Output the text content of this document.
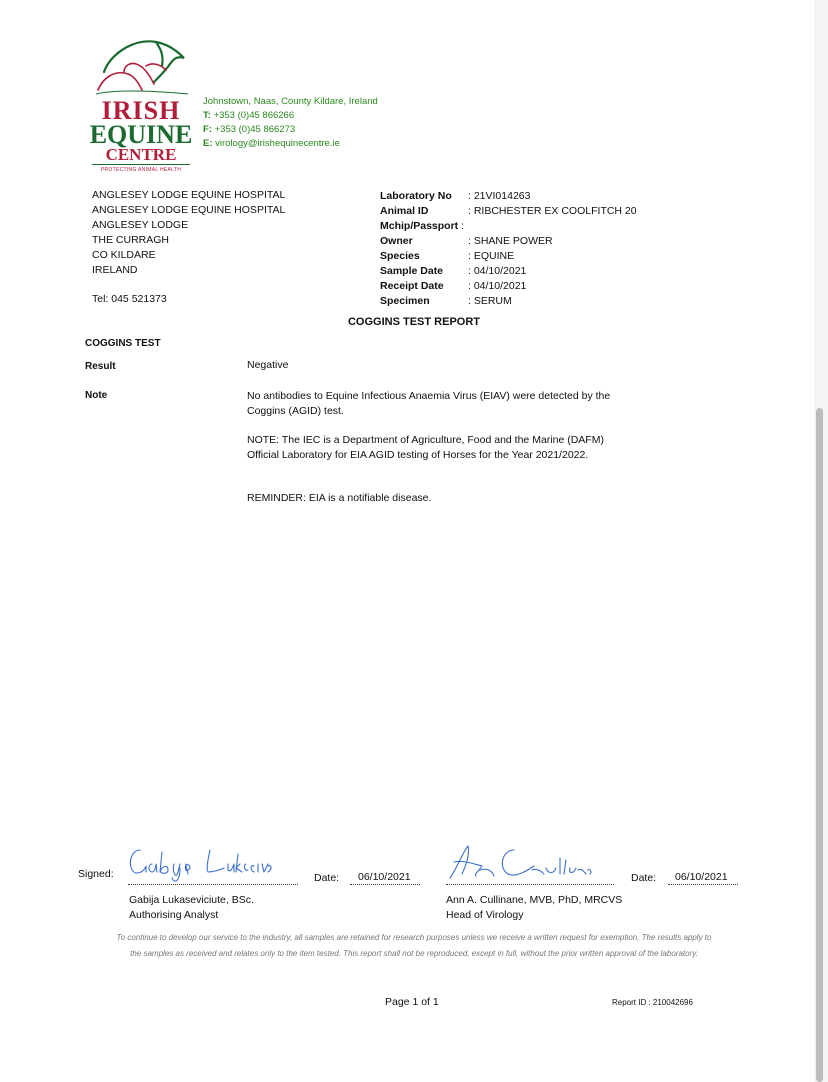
IRISH
EQUINE
CENTRE
PROTECTING ANIMAL HEALTH
Johnstown, Naas, County Kildare, Ireland
T: +353 (0)45 866266
F: +353 (0)45 866273
E: virology@irishequinecentre.ie
ANGLESEY LODGE EQUINE HOSPITAL
ANGLESEY LODGE EQUINE HOSPITAL
ANGLESEY LODGE
THE CURRAGH
CO KILDARE
IRELAND
Tel: 045 521373
Laboratory No : 21VI014263
Animal ID	: RIBCHESTER EX COOLFITCH 20
Mchip/Passport :
Owner	: SHANE POWER
Species	: EQUINE
Sample Date : 04/10/2021
Receipt Date : 04/10/2021
Specimen	: SERUM
COGGINS TEST REPORT
COGGINS TEST
Result	Negative
Note	No antibodies to Equine Infectious Anaemia Virus (EIAV) were detected by the Coggins (AGID) test.
NOTE: The IEC is a Department of Agriculture, Food and the Marine (DAFM) Official Laboratory for EIA AGID testing of Horses for the Year 2021/2022.
REMINDER: EIA is a notifiable disease.
Signed:	Date: 06/10/2021	Date: 06/10/2021
Gabija Lukaseviciute, BSc.
Authorising Analyst
Ann A. Cullinane, MVB, PhD, MRCVS
Head of Virology
To continue to develop our service to the industry, all samples are retained for research purposes unless we receive a written request for exemption. The results apply to the samples as received and relates only to the item tested. This report shall not be reproduced, except in full, without the prior written approval of the laboratory.
Page 1 of 1	Report ID : 210042696
